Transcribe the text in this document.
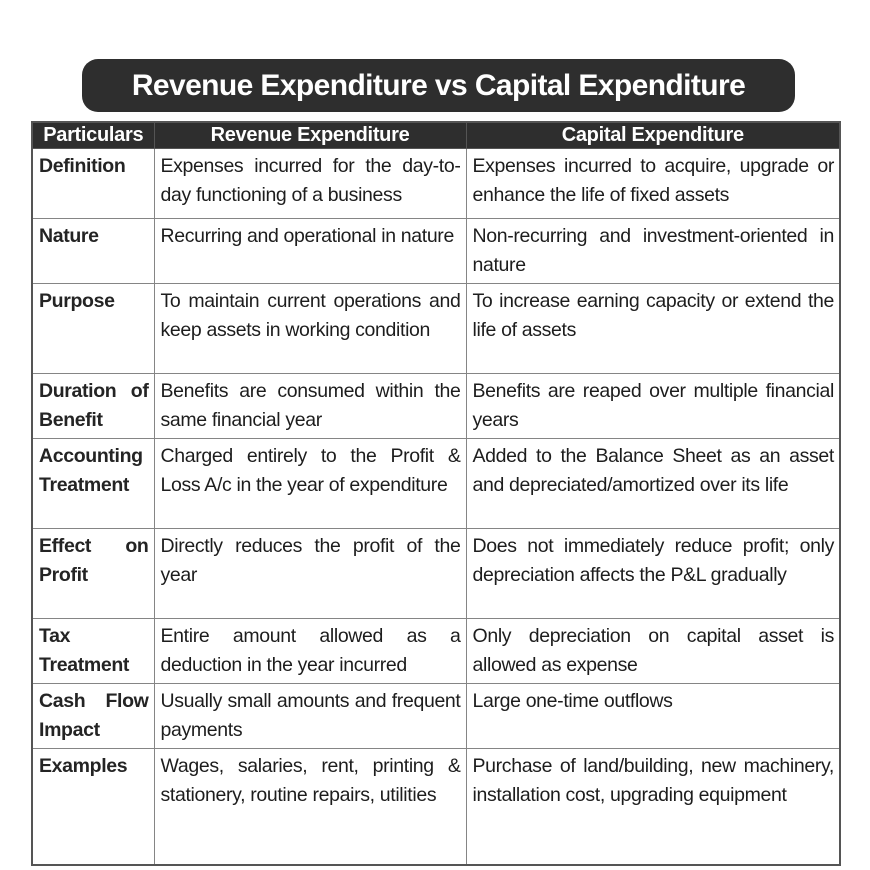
Revenue Expenditure vs Capital Expenditure
Particulars	Revenue Expenditure	Capital Expenditure
Definition	Expenses incurred for the day-to-day functioning of a business	Expenses incurred to acquire, upgrade or enhance the life of fixed assets
Nature	Recurring and operational in nature	Non-recurring and investment-oriented in nature
Purpose	To maintain current operations and keep assets in working condition	To increase earning capacity or extend the life of assets
Duration of Benefit	Benefits are consumed within the same financial year	Benefits are reaped over multiple financial years
Accounting Treatment	Charged entirely to the Profit & Loss A/c in the year of expenditure	Added to the Balance Sheet as an asset and depreciated/amortized over its life
Effect on Profit	Directly reduces the profit of the year	Does not immediately reduce profit; only depreciation affects the P&L gradually
Tax Treatment	Entire amount allowed as a deduction in the year incurred	Only depreciation on capital asset is allowed as expense
Cash Flow Impact	Usually small amounts and frequent payments	Large one-time outflows
Examples	Wages, salaries, rent, printing & stationery, routine repairs, utilities	Purchase of land/building, new machinery, installation cost, upgrading equipment
